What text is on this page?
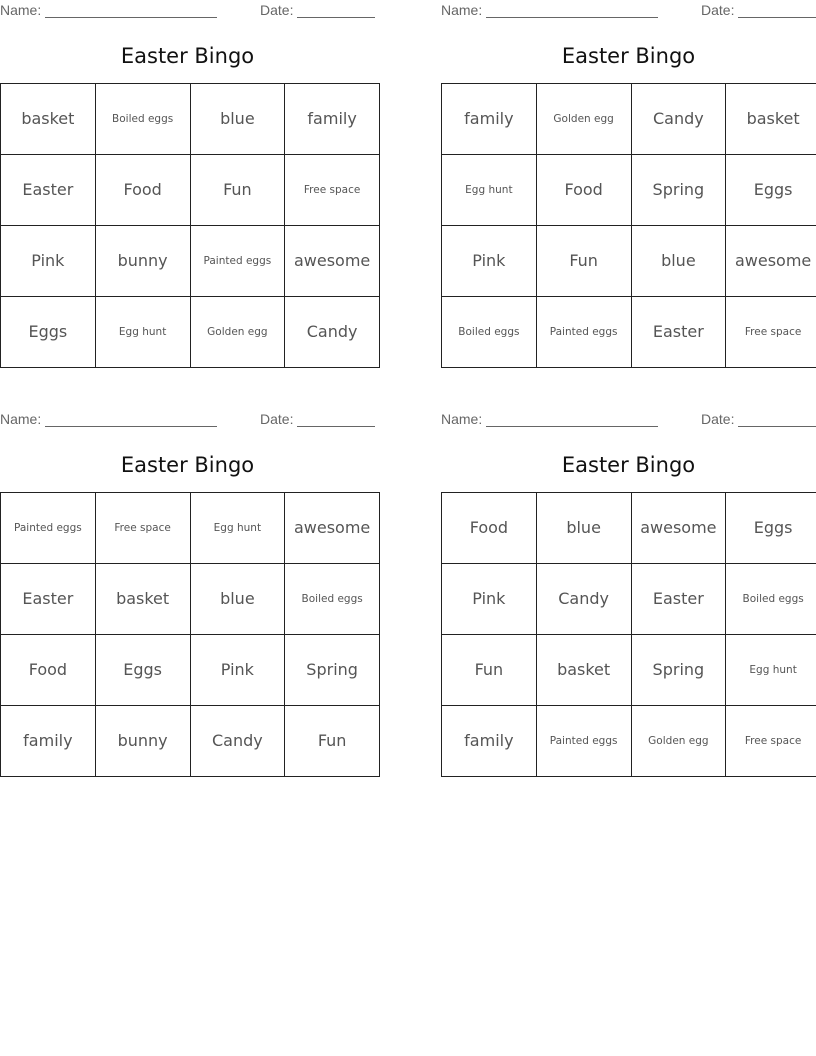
Name:	Date:
Easter Bingo
basket	Boiled eggs	blue	family
Easter	Food	Fun	Free space
Pink	bunny	Painted eggs	awesome
Eggs	Egg hunt	Golden egg	Candy
Name:	Date:
Easter Bingo
family	Golden egg	Candy	basket
Egg hunt	Food	Spring	Eggs
Pink	Fun	blue	awesome
Boiled eggs	Painted eggs	Easter	Free space
Name:	Date:
Easter Bingo
Painted eggs	Free space	Egg hunt	awesome
Easter	basket	blue	Boiled eggs
Food	Eggs	Pink	Spring
family	bunny	Candy	Fun
Name:	Date:
Easter Bingo
Food	blue	awesome	Eggs
Pink	Candy	Easter	Boiled eggs
Fun	basket	Spring	Egg hunt
family	Painted eggs	Golden egg	Free space
